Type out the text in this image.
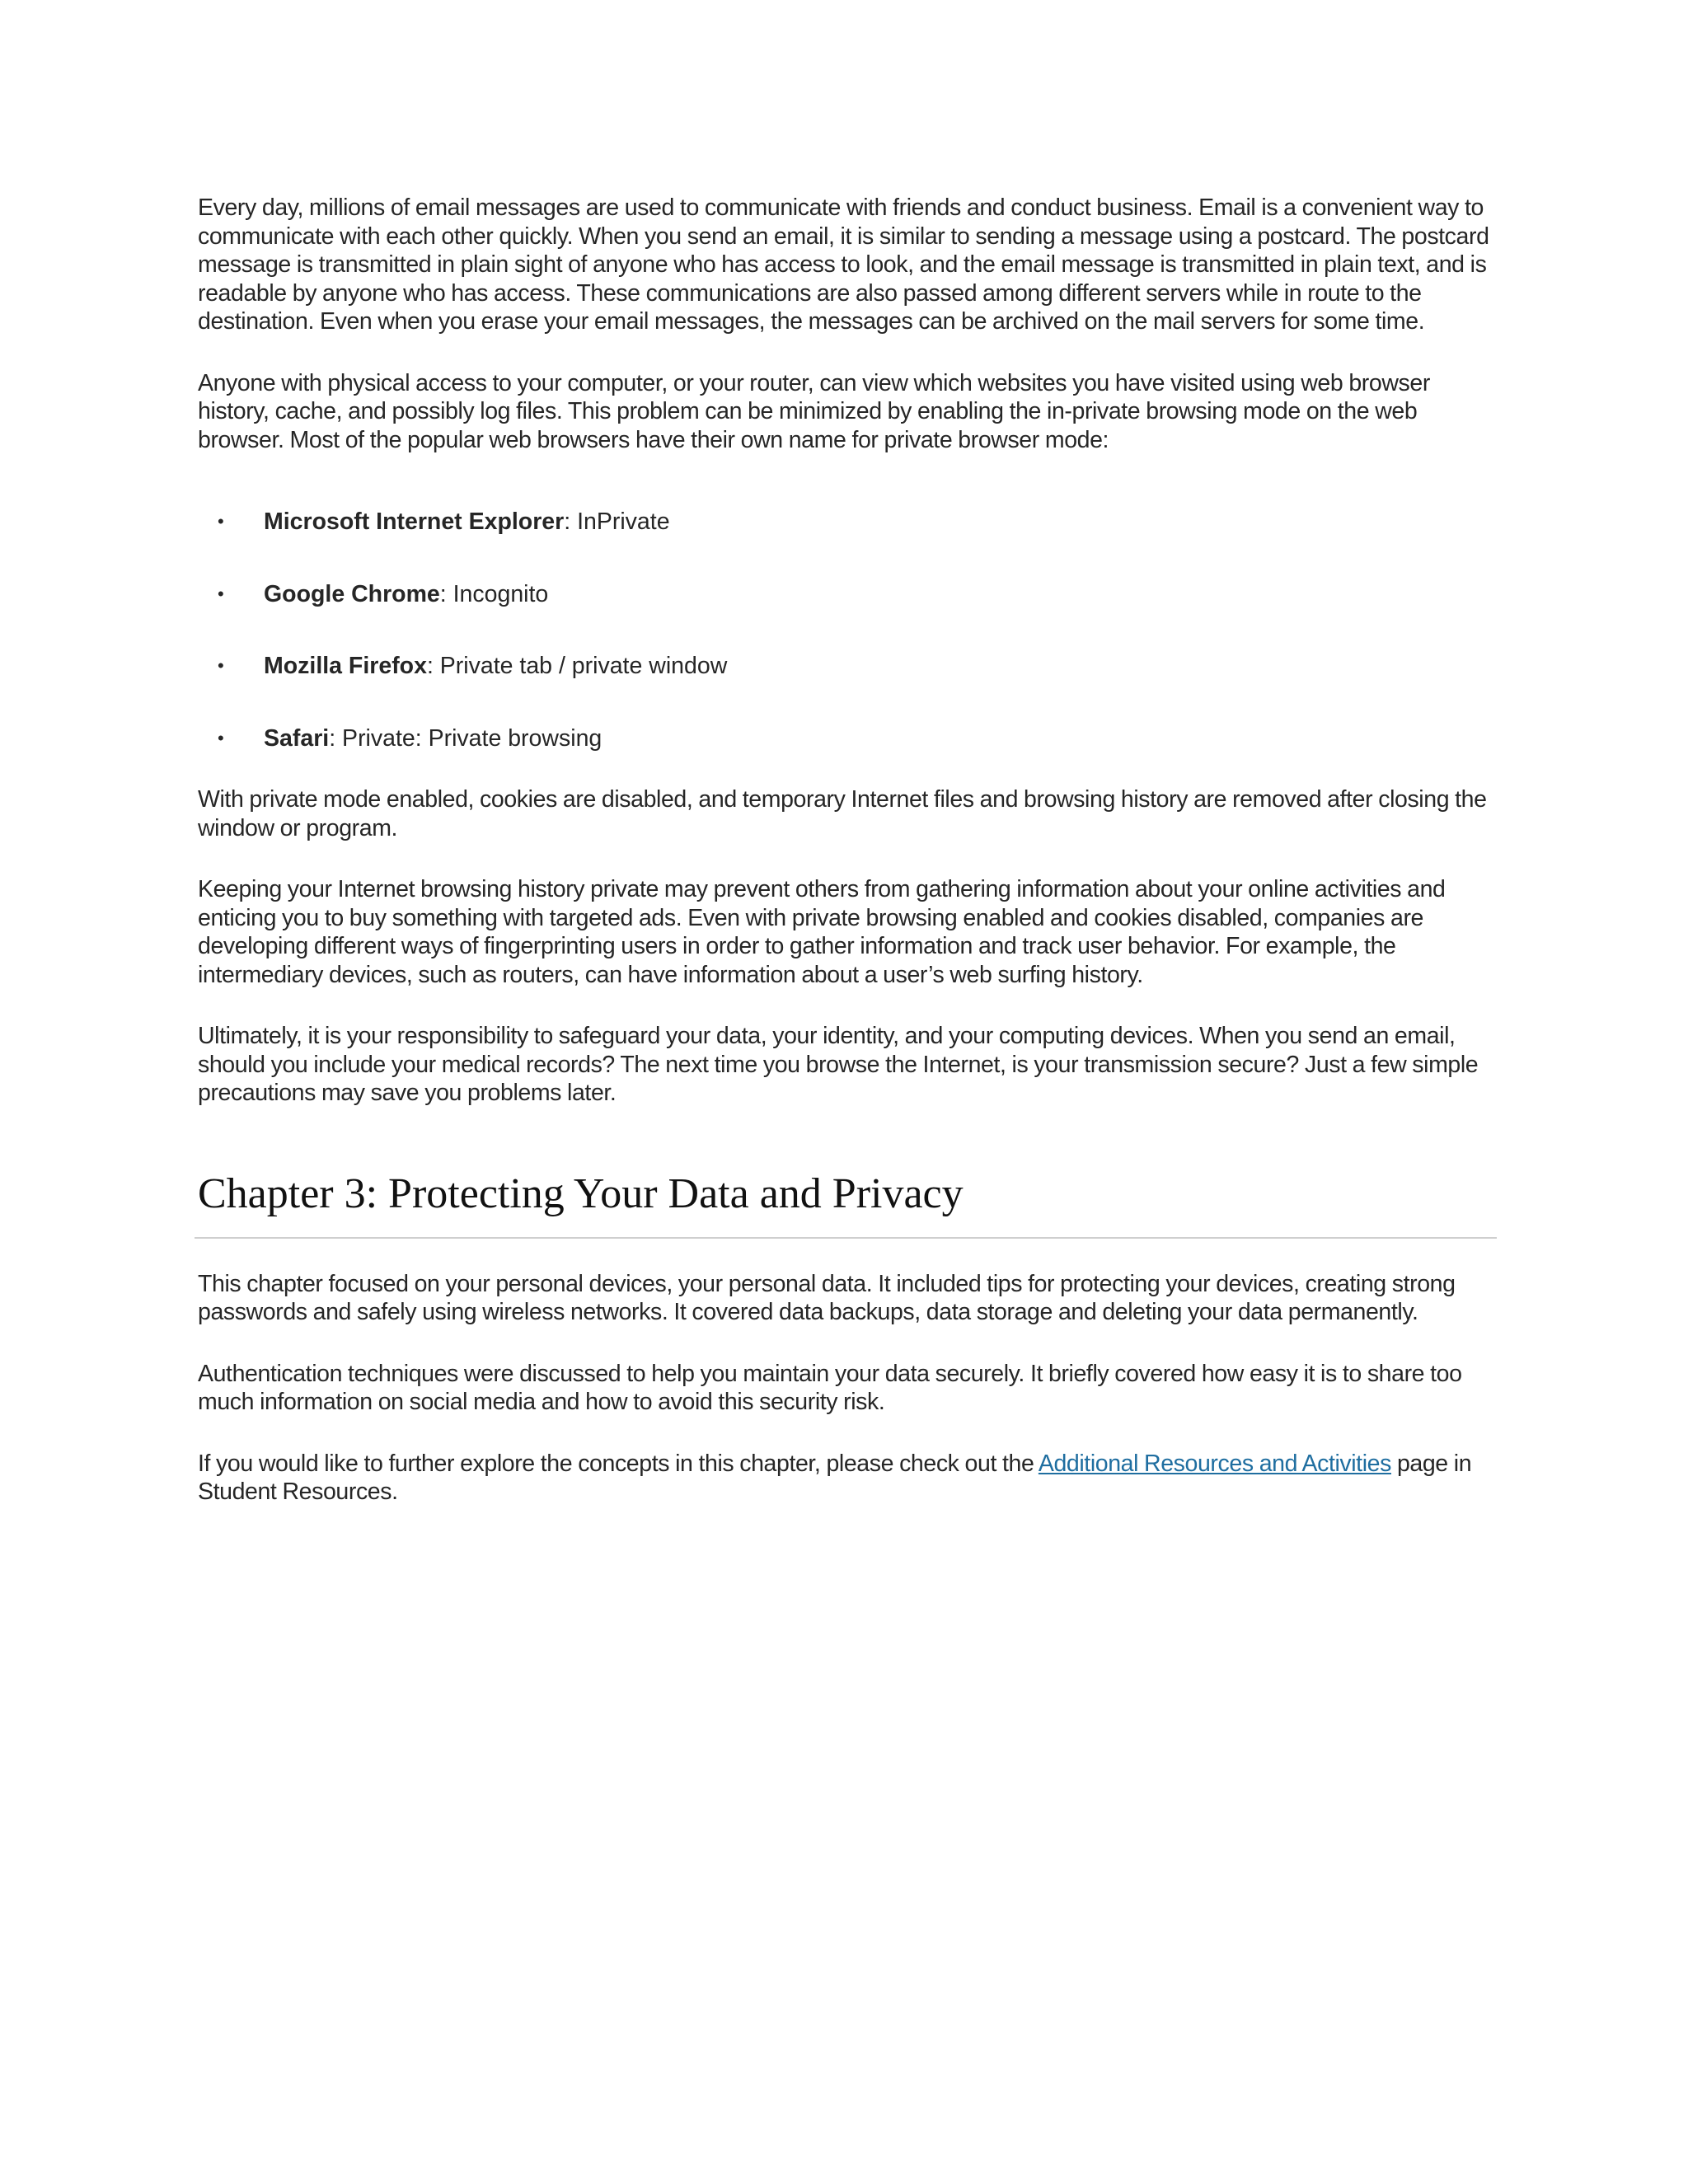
Every day, millions of email messages are used to communicate with friends and conduct business. Email is a convenient way to communicate with each other quickly. When you send an email, it is similar to sending a message using a postcard. The postcard message is transmitted in plain sight of anyone who has access to look, and the email message is transmitted in plain text, and is readable by anyone who has access. These communications are also passed among different servers while in route to the destination. Even when you erase your email messages, the messages can be archived on the mail servers for some time.

Anyone with physical access to your computer, or your router, can view which websites you have visited using web browser history, cache, and possibly log files. This problem can be minimized by enabling the in-private browsing mode on the web browser. Most of the popular web browsers have their own name for private browser mode:

• Microsoft Internet Explorer: InPrivate
• Google Chrome: Incognito
• Mozilla Firefox: Private tab / private window
• Safari: Private: Private browsing

With private mode enabled, cookies are disabled, and temporary Internet files and browsing history are removed after closing the window or program.

Keeping your Internet browsing history private may prevent others from gathering information about your online activities and enticing you to buy something with targeted ads. Even with private browsing enabled and cookies disabled, companies are developing different ways of fingerprinting users in order to gather information and track user behavior. For example, the intermediary devices, such as routers, can have information about a user’s web surfing history.

Ultimately, it is your responsibility to safeguard your data, your identity, and your computing devices. When you send an email, should you include your medical records? The next time you browse the Internet, is your transmission secure? Just a few simple precautions may save you problems later.

Chapter 3: Protecting Your Data and Privacy

This chapter focused on your personal devices, your personal data. It included tips for protecting your devices, creating strong passwords and safely using wireless networks. It covered data backups, data storage and deleting your data permanently.

Authentication techniques were discussed to help you maintain your data securely. It briefly covered how easy it is to share too much information on social media and how to avoid this security risk.

If you would like to further explore the concepts in this chapter, please check out the Additional Resources and Activities page in Student Resources.
